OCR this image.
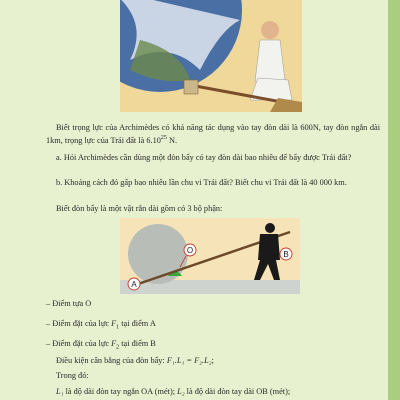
Biết trọng lực của Archimèdes có khả năng tác dụng vào tay đòn dài là 600N, tay đòn ngắn dài 1km, trọng lực của Trái đất là 6.10$^{25}$ N.

a. Hỏi Archimèdes cần dùng một đòn bẩy có tay đòn dài bao nhiêu để bẩy được Trái đất?

b. Khoảng cách đó gấp bao nhiêu lần chu vi Trái đất? Biết chu vi Trái đất là 40 000 km.

Biết đòn bẩy là một vật rắn dài gồm có 3 bộ phận:

A
O	B

– Điểm tựa O

– Điểm đặt của lực $F_1$ tại điểm A

– Điểm đặt của lực $F_2$ tại điểm B

Điều kiện cân bằng của đòn bẩy: F₁.L₁ = F₂.L₂;

Trong đó:

L₁ là độ dài đòn tay ngắn OA (mét); L₂ là độ dài đòn tay dài OB (mét);
